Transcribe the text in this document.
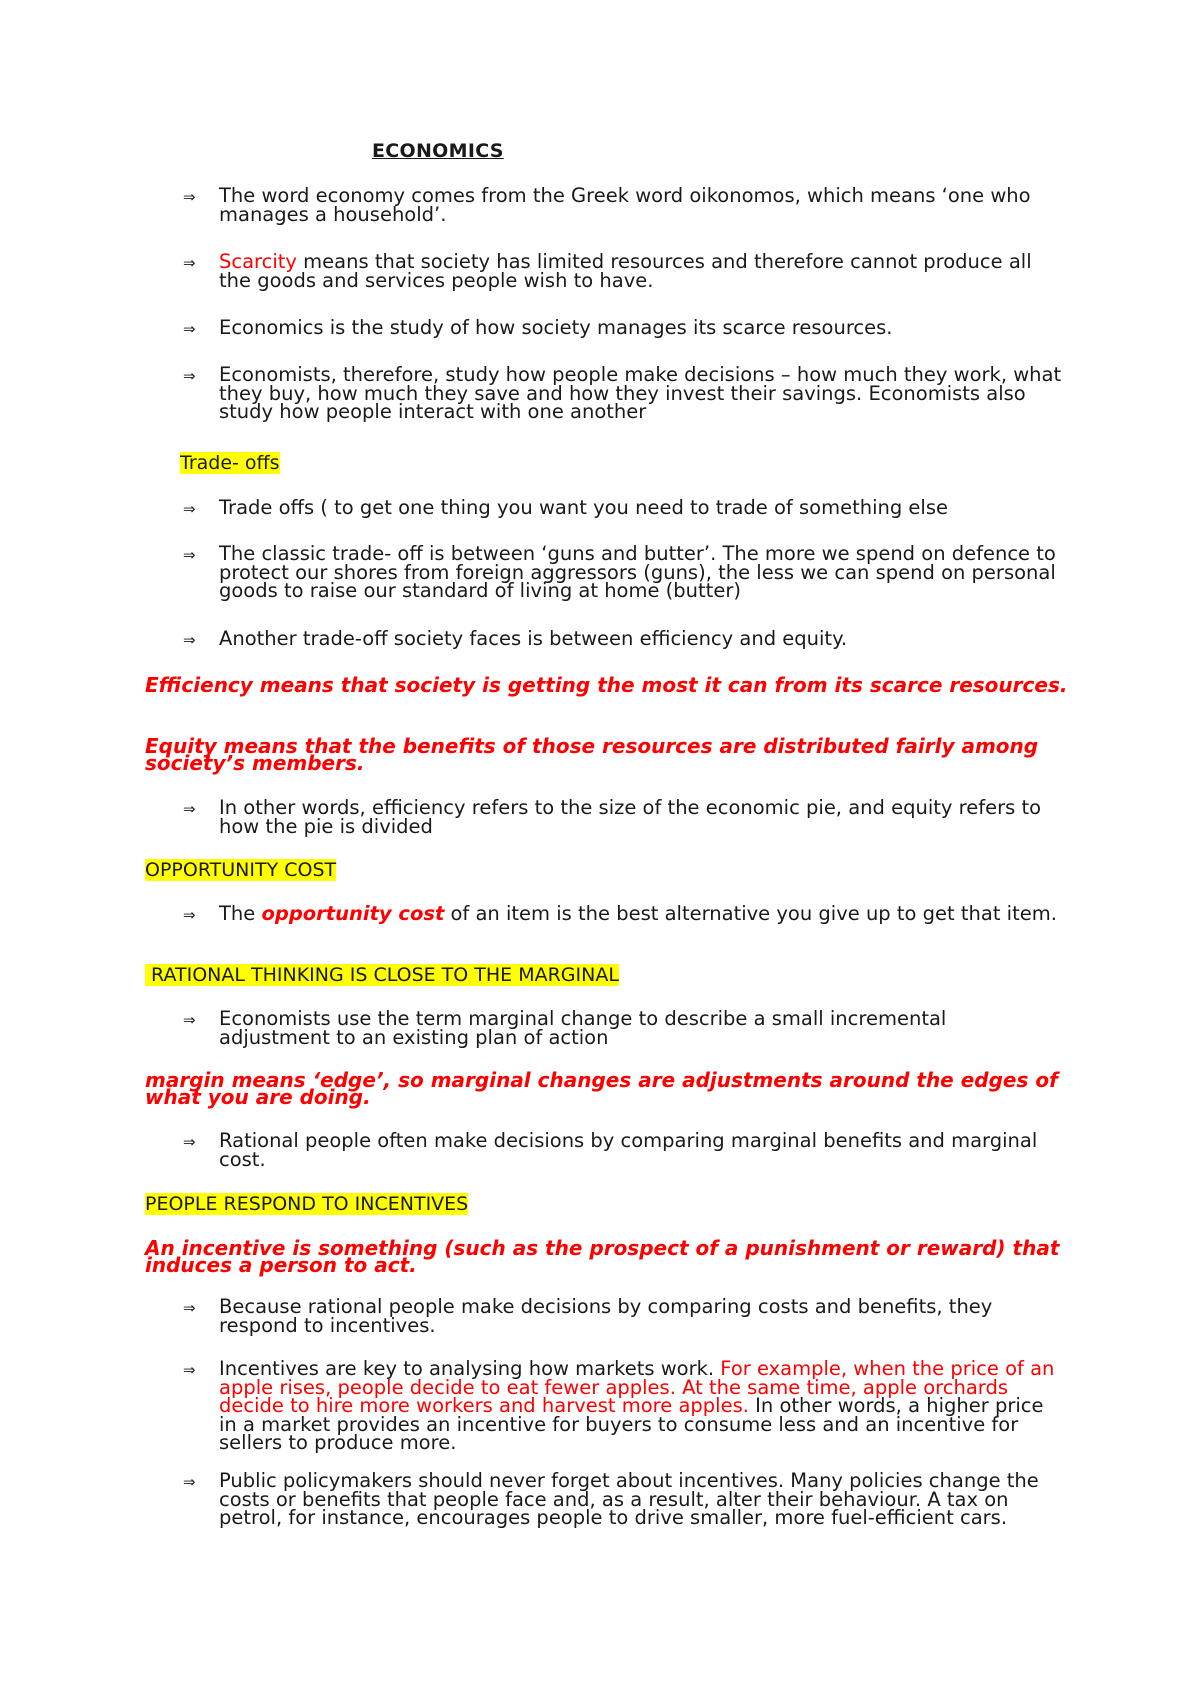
ECONOMICS
⇒ The word economy comes from the Greek word oikonomos, which means ‘one who manages a household’.
⇒ Scarcity means that society has limited resources and therefore cannot produce all the goods and services people wish to have.
⇒ Economics is the study of how society manages its scarce resources.
⇒ Economists, therefore, study how people make decisions – how much they work, what they buy, how much they save and how they invest their savings. Economists also study how people interact with one another
Trade- offs
⇒ Trade offs ( to get one thing you want you need to trade of something else
⇒ The classic trade- off is between ‘guns and butter’. The more we spend on defence to protect our shores from foreign aggressors (guns), the less we can spend on personal goods to raise our standard of living at home (butter)
⇒ Another trade-off society faces is between efficiency and equity.
Efficiency means that society is getting the most it can from its scarce resources.
Equity means that the benefits of those resources are distributed fairly among society’s members.
⇒ In other words, efficiency refers to the size of the economic pie, and equity refers to how the pie is divided
OPPORTUNITY COST
⇒ The opportunity cost of an item is the best alternative you give up to get that item.
RATIONAL THINKING IS CLOSE TO THE MARGINAL
⇒ Economists use the term marginal change to describe a small incremental adjustment to an existing plan of action
margin means ‘edge’, so marginal changes are adjustments around the edges of what you are doing.
⇒ Rational people often make decisions by comparing marginal benefits and marginal cost.
PEOPLE RESPOND TO INCENTIVES
An incentive is something (such as the prospect of a punishment or reward) that induces a person to act.
⇒ Because rational people make decisions by comparing costs and benefits, they respond to incentives.
⇒ Incentives are key to analysing how markets work. For example, when the price of an apple rises, people decide to eat fewer apples. At the same time, apple orchards decide to hire more workers and harvest more apples. In other words, a higher price in a market provides an incentive for buyers to consume less and an incentive for sellers to produce more.
⇒ Public policymakers should never forget about incentives. Many policies change the costs or benefits that people face and, as a result, alter their behaviour. A tax on petrol, for instance, encourages people to drive smaller, more fuel-efficient cars.
